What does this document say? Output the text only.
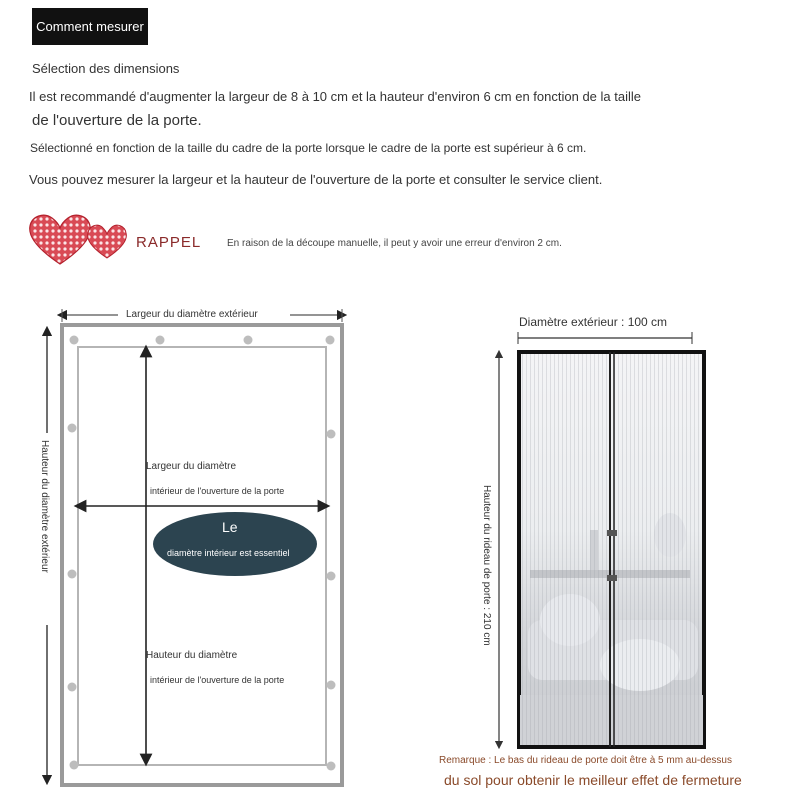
Comment mesurer
Sélection des dimensions
Il est recommandé d'augmenter la largeur de 8 à 10 cm et la hauteur d'environ 6 cm en fonction de la taille
de l'ouverture de la porte.
Sélectionné en fonction de la taille du cadre de la porte lorsque le cadre de la porte est supérieur à 6 cm.
Vous pouvez mesurer la largeur et la hauteur de l'ouverture de la porte et consulter le service client.
RAPPEL	En raison de la découpe manuelle, il peut y avoir une erreur d'environ 2 cm.
Largeur du diamètre extérieur
Hauteur du diamètre extérieur	Largeur du diamètre
intérieur de l'ouverture de la porte
Le
diamètre intérieur est essentiel
Hauteur du diamètre
intérieur de l'ouverture de la porte
Diamètre extérieur : 100 cm
Hauteur du rideau de porte : 210 cm
Remarque : Le bas du rideau de porte doit être à 5 mm au-dessus
du sol pour obtenir le meilleur effet de fermeture
